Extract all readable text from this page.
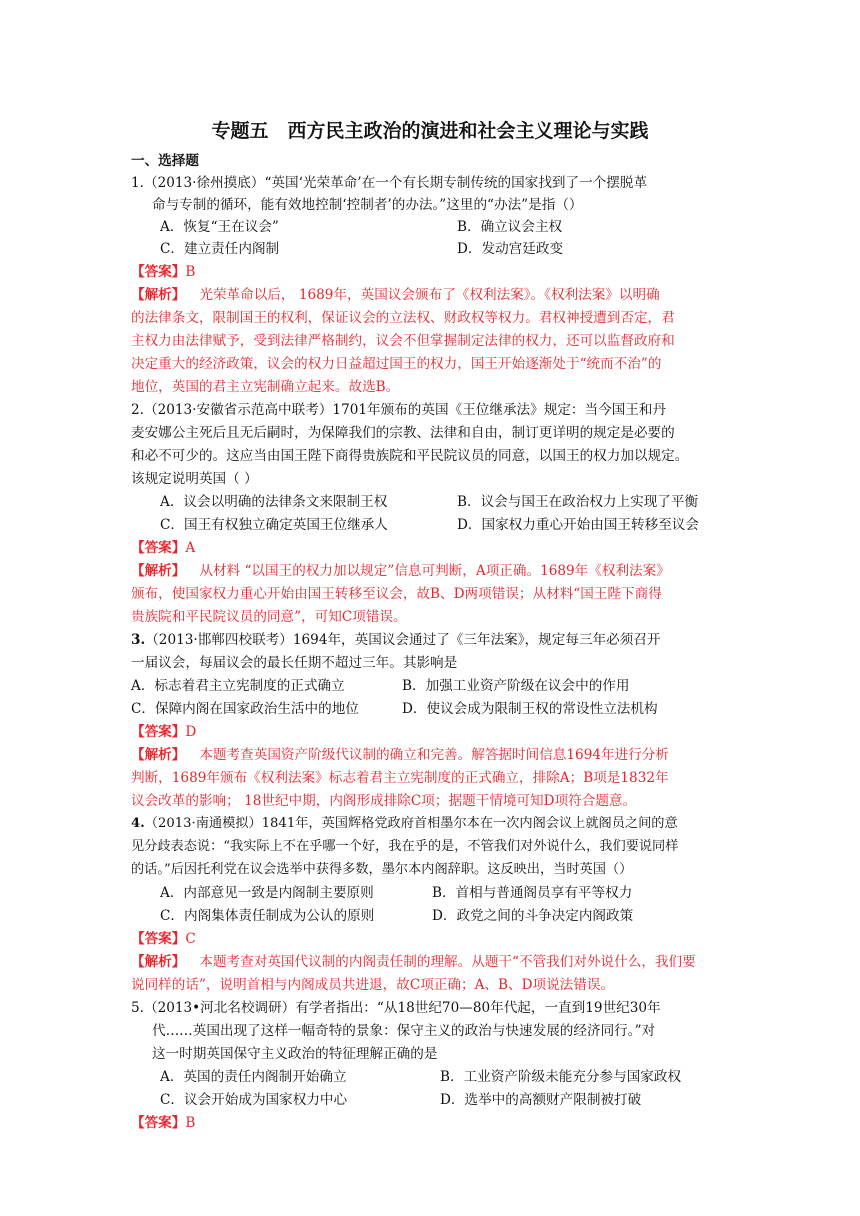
专题五　西方民主政治的演进和社会主义理论与实践
一、选择题
1.（2013·徐州摸底）“英国‘光荣革命’在一个有长期专制传统的国家找到了一个摆脱革
命与专制的循环，能有效地控制‘控制者’的办法。”这里的“办法”是指（）
A．恢复“王在议会”	B．确立议会主权
C．建立责任内阁制	D．发动宫廷政变
【答案】B
【解析】 光荣革命以后， 1689年，英国议会颁布了《权利法案》。《权利法案》以明确
的法律条文，限制国王的权利，保证议会的立法权、财政权等权力。君权神授遭到否定，君
主权力由法律赋予，受到法律严格制约，议会不但掌握制定法律的权力，还可以监督政府和
决定重大的经济政策，议会的权力日益超过国王的权力，国王开始逐渐处于“统而不治”的
地位，英国的君主立宪制确立起来。故选B。
2.（2013·安徽省示范高中联考）1701年颁布的英国《王位继承法》规定：当今国王和丹
麦安娜公主死后且无后嗣时，为保障我们的宗教、法律和自由，制订更详明的规定是必要的
和必不可少的。这应当由国王陛下商得贵族院和平民院议员的同意，以国王的权力加以规定。
该规定说明英国（ ）
A．议会以明确的法律条文来限制王权	B．议会与国王在政治权力上实现了平衡
C．国王有权独立确定英国王位继承人	D．国家权力重心开始由国王转移至议会
【答案】A
【解析】 从材料 “以国王的权力加以规定”信息可判断，A项正确。1689年《权利法案》
颁布，使国家权力重心开始由国王转移至议会，故B、D两项错误；从材料“国王陛下商得
贵族院和平民院议员的同意”，可知C项错误。
3.（2013·邯郸四校联考）1694年，英国议会通过了《三年法案》，规定每三年必须召开
一届议会，每届议会的最长任期不超过三年。其影响是
A．标志着君主立宪制度的正式确立	B．加强工业资产阶级在议会中的作用
C．保障内阁在国家政治生活中的地位	D．使议会成为限制王权的常设性立法机构
【答案】D
【解析】 本题考查英国资产阶级代议制的确立和完善。解答据时间信息1694年进行分析
判断，1689年颁布《权利法案》标志着君主立宪制度的正式确立，排除A；B项是1832年
议会改革的影响； 18世纪中期，内阁形成排除C项；据题干情境可知D项符合题意。
4.（2013·南通模拟）1841年，英国辉格党政府首相墨尔本在一次内阁会议上就阁员之间的意
见分歧表态说：“我实际上不在乎哪一个好，我在乎的是，不管我们对外说什么，我们要说同样
的话。”后因托利党在议会选举中获得多数，墨尔本内阁辞职。这反映出，当时英国（）
A．内部意见一致是内阁制主要原则	B．首相与普通阁员享有平等权力
C．内阁集体责任制成为公认的原则	D．政党之间的斗争决定内阁政策
【答案】C
【解析】 本题考查对英国代议制的内阁责任制的理解。从题干“不管我们对外说什么，我们要
说同样的话”，说明首相与内阁成员共进退，故C项正确；A、B、D项说法错误。
5.（2013•河北名校调研）有学者指出：“从18世纪70—80年代起，一直到19世纪30年
代……英国出现了这样一幅奇特的景象：保守主义的政治与快速发展的经济同行。”对
这一时期英国保守主义政治的特征理解正确的是
A．英国的责任内阁制开始确立	B．工业资产阶级未能充分参与国家政权
C．议会开始成为国家权力中心	D．选举中的高额财产限制被打破
【答案】B
